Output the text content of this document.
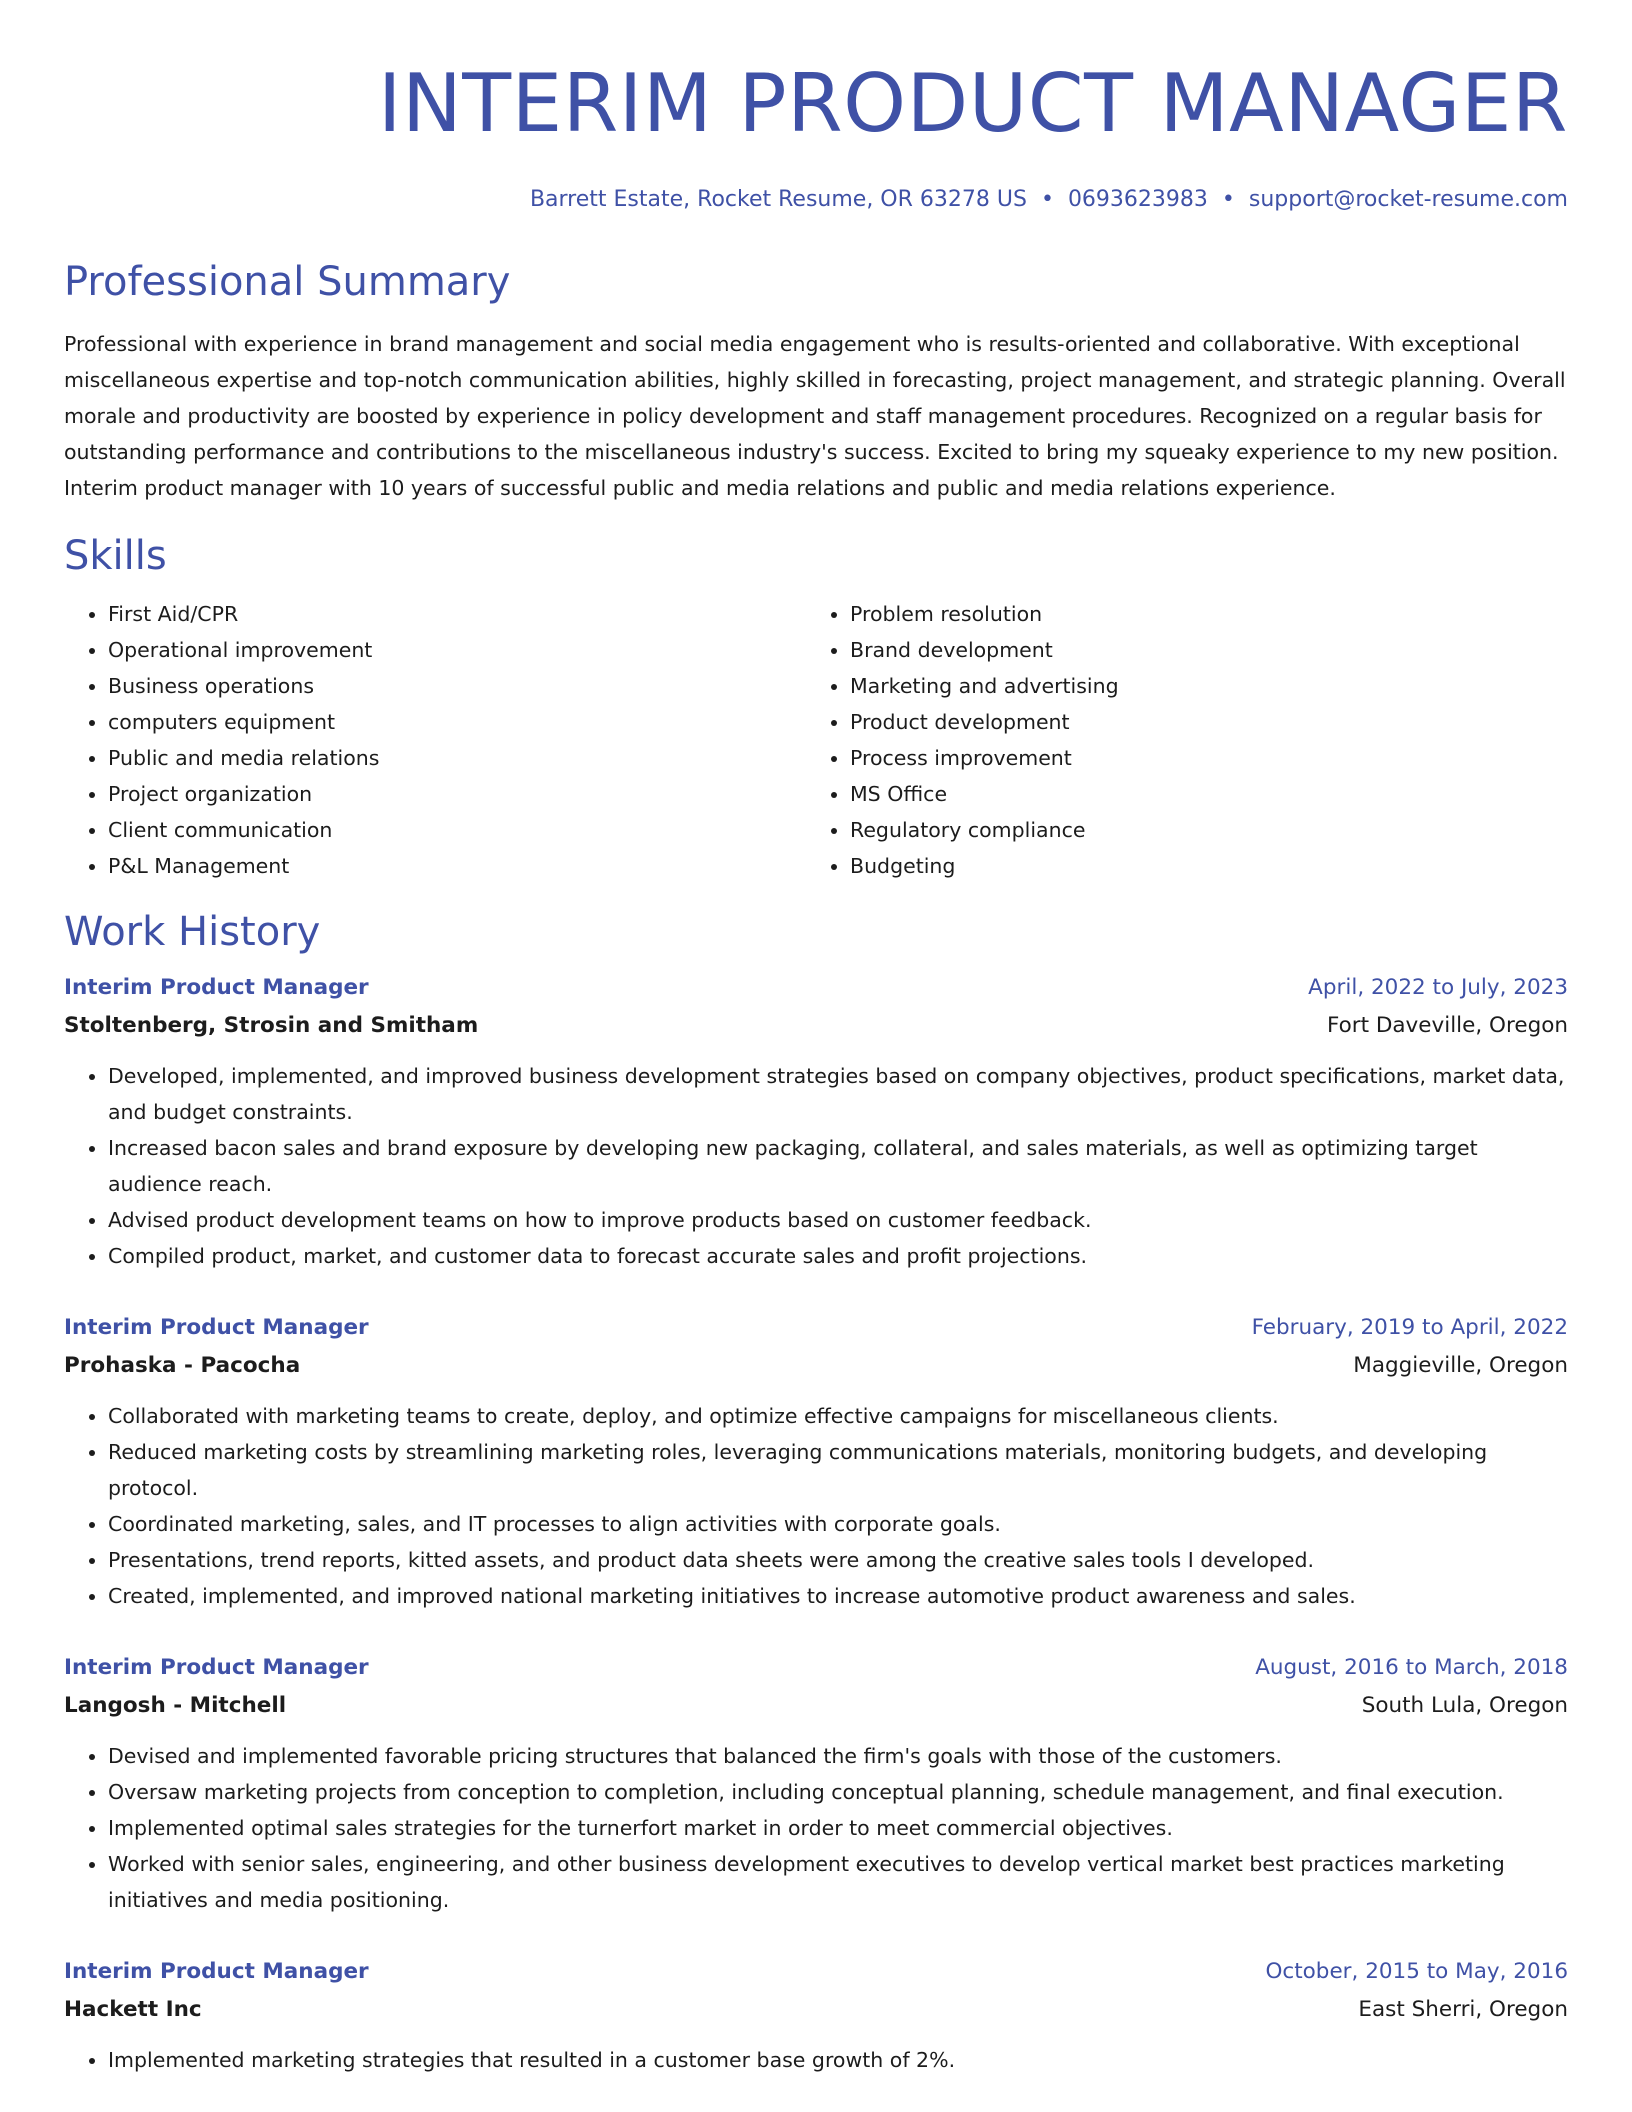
INTERIM PRODUCT MANAGER
Barrett Estate, Rocket Resume, OR 63278 US • 0693623983 • support@rocket-resume.com
Professional Summary

Professional with experience in brand management and social media engagement who is results-oriented and collaborative. With exceptional miscellaneous expertise and top-notch communication abilities, highly skilled in forecasting, project management, and strategic planning. Overall morale and productivity are boosted by experience in policy development and staff management procedures. Recognized on a regular basis for outstanding performance and contributions to the miscellaneous industry's success. Excited to bring my squeaky experience to my new position. Interim product manager with 10 years of successful public and media relations and public and media relations experience.

Skills
• First Aid/CPR
• Operational improvement
• Business operations
• computers equipment
• Public and media relations
• Project organization
• Client communication
• P&L Management
• Problem resolution
• Brand development
• Marketing and advertising
• Product development
• Process improvement
• MS Office
• Regulatory compliance
• Budgeting
Work History
Interim Product Manager	April, 2022 to July, 2023
Stoltenberg, Strosin and Smitham	Fort Daveville, Oregon
• Developed, implemented, and improved business development strategies based on company objectives, product specifications, market data, and budget constraints.
• Increased bacon sales and brand exposure by developing new packaging, collateral, and sales materials, as well as optimizing target audience reach.
• Advised product development teams on how to improve products based on customer feedback.
• Compiled product, market, and customer data to forecast accurate sales and profit projections.
Interim Product Manager	February, 2019 to April, 2022
Prohaska - Pacocha	Maggieville, Oregon
• Collaborated with marketing teams to create, deploy, and optimize effective campaigns for miscellaneous clients.
• Reduced marketing costs by streamlining marketing roles, leveraging communications materials, monitoring budgets, and developing protocol.
• Coordinated marketing, sales, and IT processes to align activities with corporate goals.
• Presentations, trend reports, kitted assets, and product data sheets were among the creative sales tools I developed.
• Created, implemented, and improved national marketing initiatives to increase automotive product awareness and sales.
Interim Product Manager	August, 2016 to March, 2018
Langosh - Mitchell	South Lula, Oregon
• Devised and implemented favorable pricing structures that balanced the firm's goals with those of the customers.
• Oversaw marketing projects from conception to completion, including conceptual planning, schedule management, and final execution.
• Implemented optimal sales strategies for the turnerfort market in order to meet commercial objectives.
• Worked with senior sales, engineering, and other business development executives to develop vertical market best practices marketing initiatives and media positioning.
Interim Product Manager	October, 2015 to May, 2016
Hackett Inc	East Sherri, Oregon
• Implemented marketing strategies that resulted in a customer base growth of 2%.
